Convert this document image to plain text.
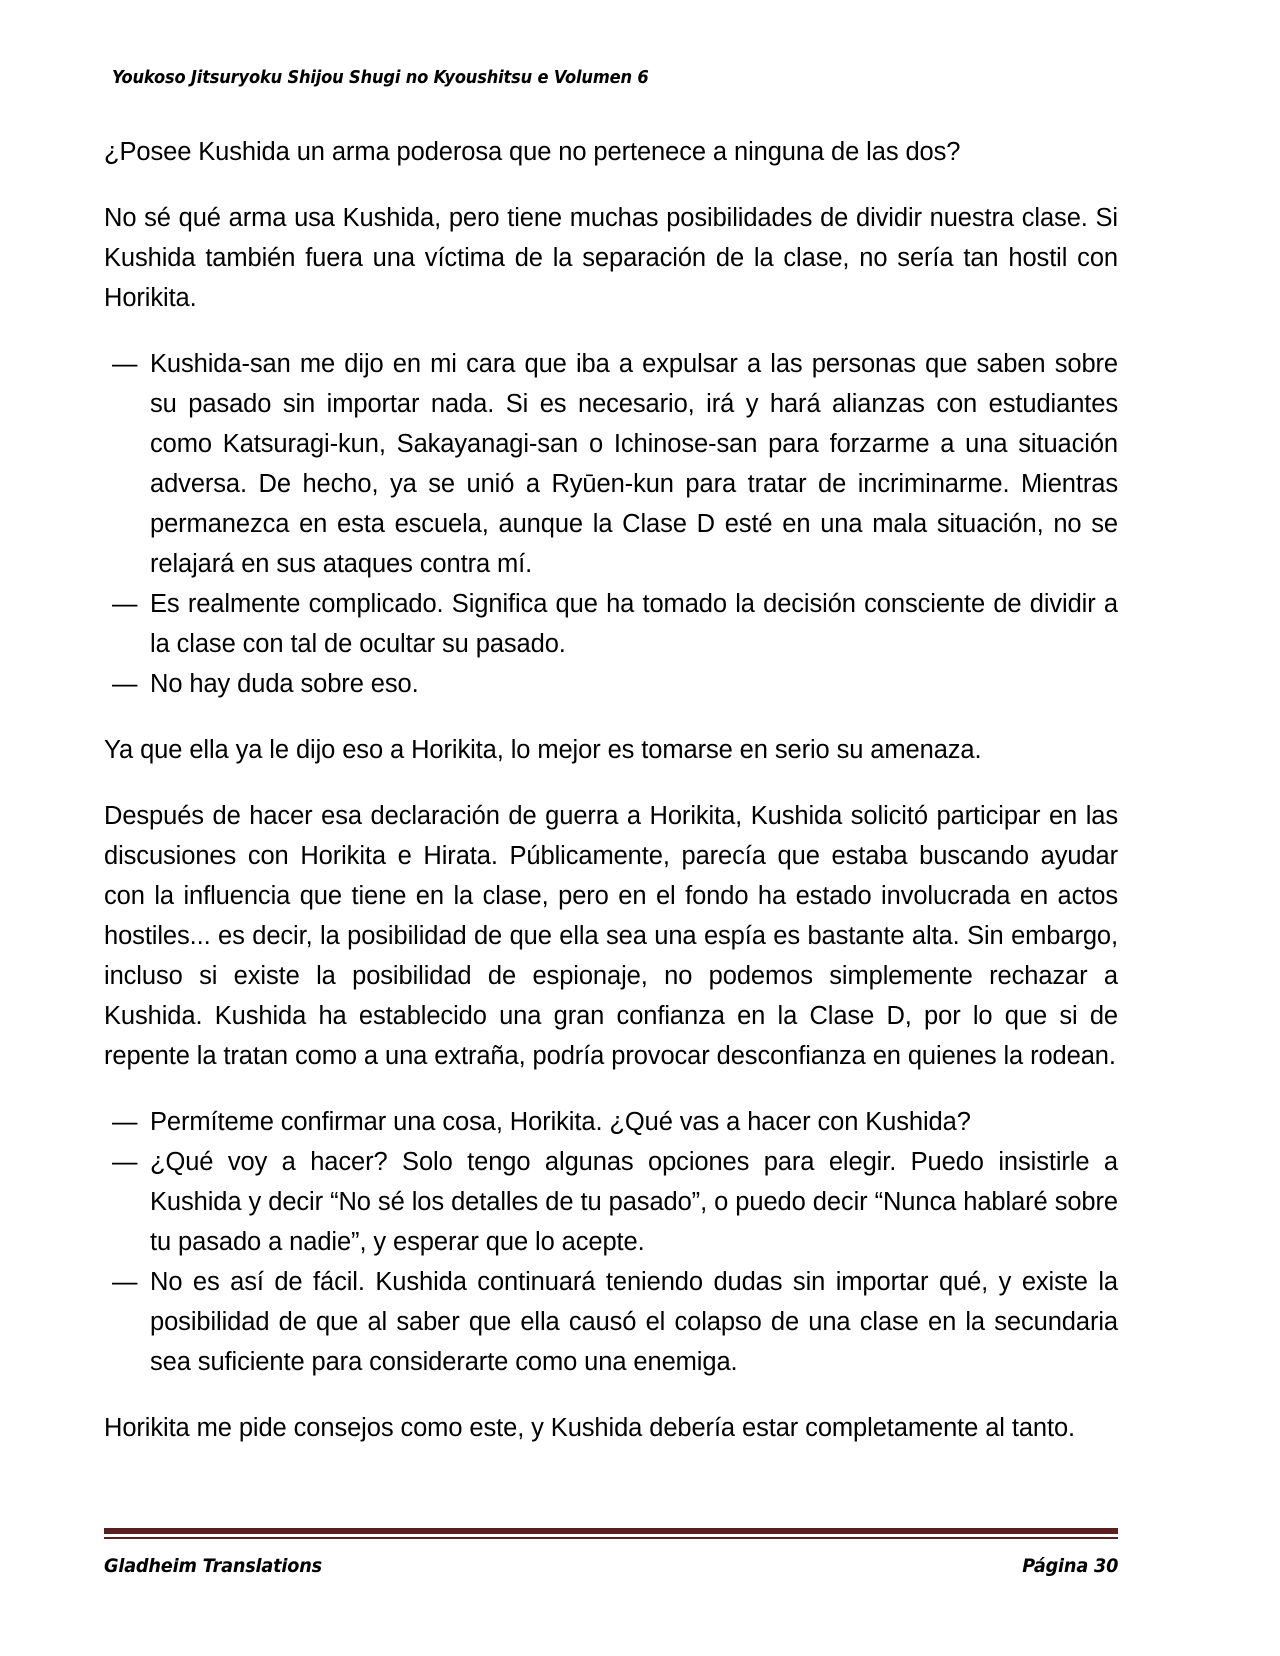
Youkoso Jitsuryoku Shijou Shugi no Kyoushitsu e Volumen 6

¿Posee Kushida un arma poderosa que no pertenece a ninguna de las dos?

No sé qué arma usa Kushida, pero tiene muchas posibilidades de dividir nuestra clase. Si Kushida también fuera una víctima de la separación de la clase, no sería tan hostil con Horikita.

— Kushida-san me dijo en mi cara que iba a expulsar a las personas que saben sobre su pasado sin importar nada. Si es necesario, irá y hará alianzas con estudiantes como Katsuragi-kun, Sakayanagi-san o Ichinose-san para forzarme a una situación adversa. De hecho, ya se unió a Ryūen-kun para tratar de incriminarme. Mientras permanezca en esta escuela, aunque la Clase D esté en una mala situación, no se relajará en sus ataques contra mí.
— Es realmente complicado. Significa que ha tomado la decisión consciente de dividir a la clase con tal de ocultar su pasado.
— No hay duda sobre eso.

Ya que ella ya le dijo eso a Horikita, lo mejor es tomarse en serio su amenaza.

Después de hacer esa declaración de guerra a Horikita, Kushida solicitó participar en las discusiones con Horikita e Hirata. Públicamente, parecía que estaba buscando ayudar con la influencia que tiene en la clase, pero en el fondo ha estado involucrada en actos hostiles... es decir, la posibilidad de que ella sea una espía es bastante alta. Sin embargo, incluso si existe la posibilidad de espionaje, no podemos simplemente rechazar a Kushida. Kushida ha establecido una gran confianza en la Clase D, por lo que si de repente la tratan como a una extraña, podría provocar desconfianza en quienes la rodean.

— Permíteme confirmar una cosa, Horikita. ¿Qué vas a hacer con Kushida?
— ¿Qué voy a hacer? Solo tengo algunas opciones para elegir. Puedo insistirle a Kushida y decir “No sé los detalles de tu pasado”, o puedo decir “Nunca hablaré sobre tu pasado a nadie”, y esperar que lo acepte.
— No es así de fácil. Kushida continuará teniendo dudas sin importar qué, y existe la posibilidad de que al saber que ella causó el colapso de una clase en la secundaria sea suficiente para considerarte como una enemiga.

Horikita me pide consejos como este, y Kushida debería estar completamente al tanto.

Gladheim Translations	Página 30
